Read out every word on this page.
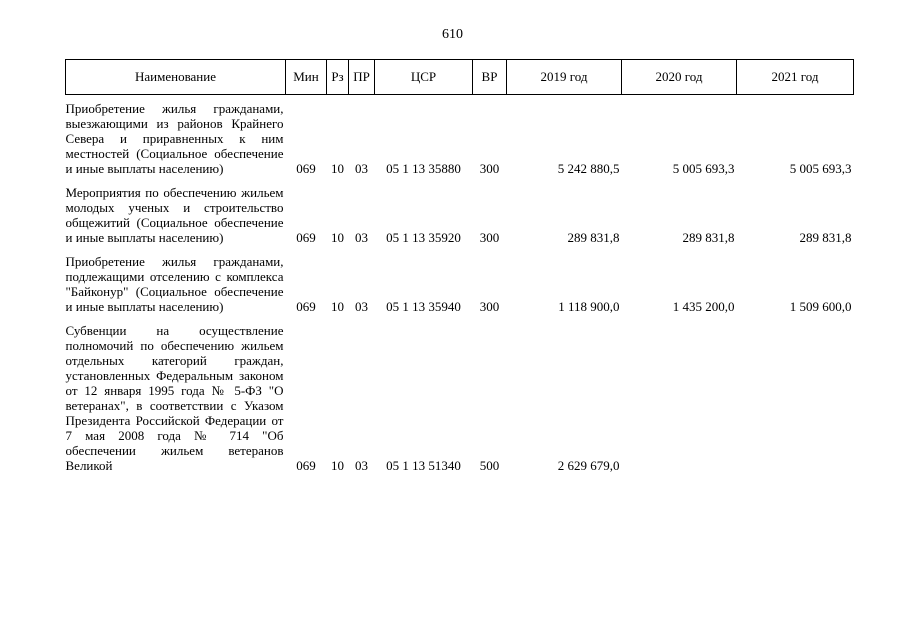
610
Наименование	Мин	Рз	ПР	ЦСР	ВР	2019 год	2020 год	2021 год

Приобретение жилья гражданами, выезжающими из районов Крайнего Севера и приравненных к ним местностей (Социальное обеспечение и иные выплаты населению)	069	10	03	05 1 13 35880	300	5 242 880,5	5 005 693,3	5 005 693,3

Мероприятия по обеспечению жильем молодых ученых и строительство общежитий (Социальное обеспечение и иные выплаты населению)	069	10	03	05 1 13 35920	300	289 831,8	289 831,8	289 831,8

Приобретение жилья гражданами, подлежащими отселению с комплекса "Байконур" (Социальное обеспечение и иные выплаты населению)	069	10	03	05 1 13 35940	300	1 118 900,0	1 435 200,0	1 509 600,0

Субвенции на осуществление полномочий по обеспечению жильем отдельных категорий граждан, установленных Федеральным законом от 12 января 1995 года № 5-ФЗ "О ветеранах", в соответствии с Указом Президента Российской Федерации от 7 мая 2008 года № 714 "Об обеспечении жильем ветеранов Великой	069	10	03	05 1 13 51340	500	2 629 679,0		
